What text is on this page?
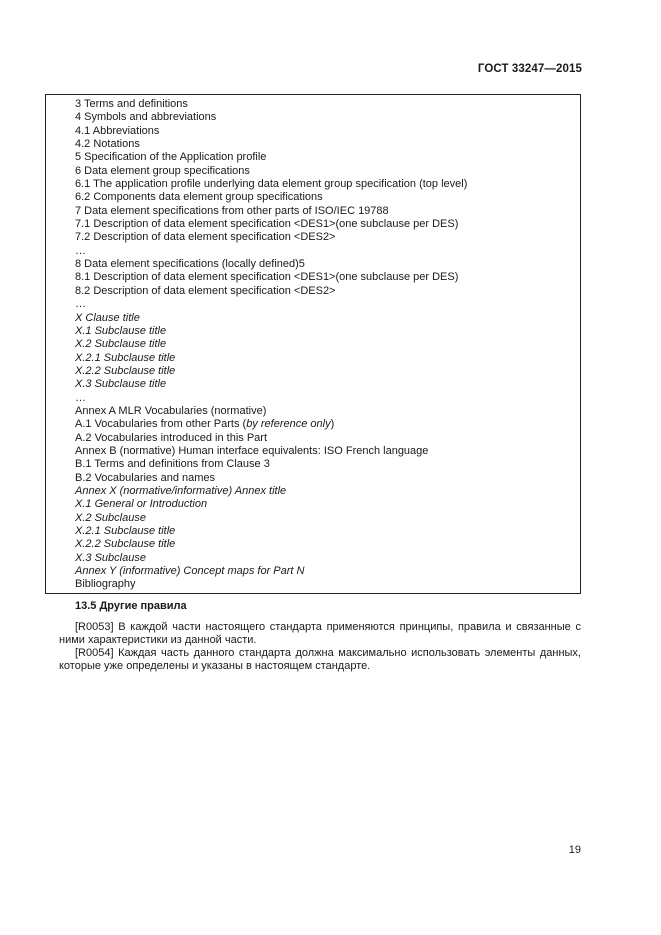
ГОСТ 33247—2015
3 Terms and definitions
4 Symbols and abbreviations
4.1 Abbreviations
4.2 Notations
5 Specification of the Application profile
6 Data element group specifications
6.1 The application profile underlying data element group specification (top level)
6.2 Components data element group specifications
7 Data element specifications from other parts of ISO/IEC 19788
7.1 Description of data element specification <DES1>(one subclause per DES)
7.2 Description of data element specification <DES2>
…
8 Data element specifications (locally defined)5
8.1 Description of data element specification <DES1>(one subclause per DES)
8.2 Description of data element specification <DES2>
…
X Clause title
X.1 Subclause title
X.2 Subclause title
X.2.1 Subclause title
X.2.2 Subclause title
X.3 Subclause title
…
Annex A MLR Vocabularies (normative)
A.1 Vocabularies from other Parts (by reference only)
A.2 Vocabularies introduced in this Part
Annex B (normative) Human interface equivalents: ISO French language
B.1 Terms and definitions from Clause 3
B.2 Vocabularies and names
Annex X (normative/informative) Annex title
X.1 General or Introduction
X.2 Subclause
X.2.1 Subclause title
X.2.2 Subclause title
X.3 Subclause
Annex Y (informative) Concept maps for Part N
Bibliography
13.5 Другие правила

[R0053] В каждой части настоящего стандарта применяются принципы, правила и связанные с ними характеристики из данной части.

[R0054] Каждая часть данного стандарта должна максимально использовать элементы данных, которые уже определены и указаны в настоящем стандарте.

19
